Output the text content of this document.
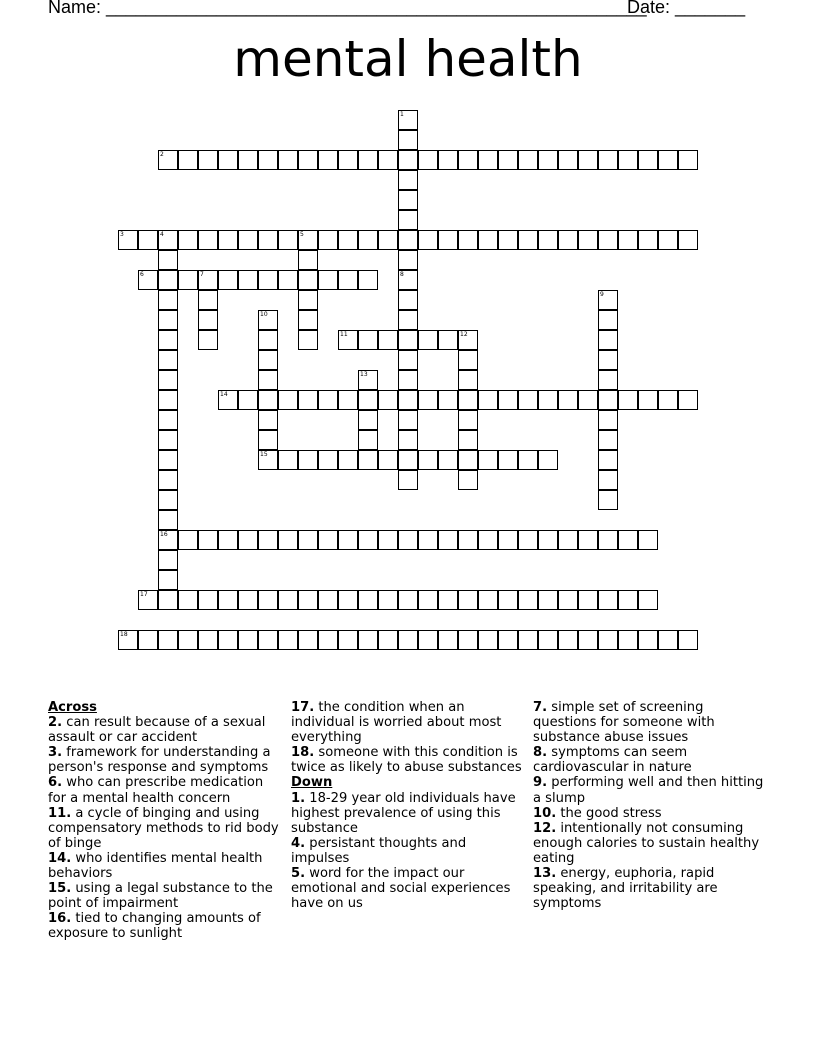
Name: ______________________________________________________
Date: _______
mental health
1
8
2
3	4	5
16
6	7
9
10
15
11	12
13
14
17
18
Across
2. can result because of a sexual assault or car accident
3. framework for understanding a person's response and symptoms
6. who can prescribe medication for a mental health concern
11. a cycle of binging and using compensatory methods to rid body of binge
14. who identifies mental health behaviors
15. using a legal substance to the point of impairment
16. tied to changing amounts of exposure to sunlight
17. the condition when an individual is worried about most everything
18. someone with this condition is twice as likely to abuse substances
Down
1. 18-29 year old individuals have highest prevalence of using this substance
4. persistant thoughts and impulses
5. word for the impact our emotional and social experiences have on us
7. simple set of screening questions for someone with substance abuse issues
8. symptoms can seem cardiovascular in nature
9. performing well and then hitting a slump
10. the good stress
12. intentionally not consuming enough calories to sustain healthy eating
13. energy, euphoria, rapid speaking, and irritability are symptoms
